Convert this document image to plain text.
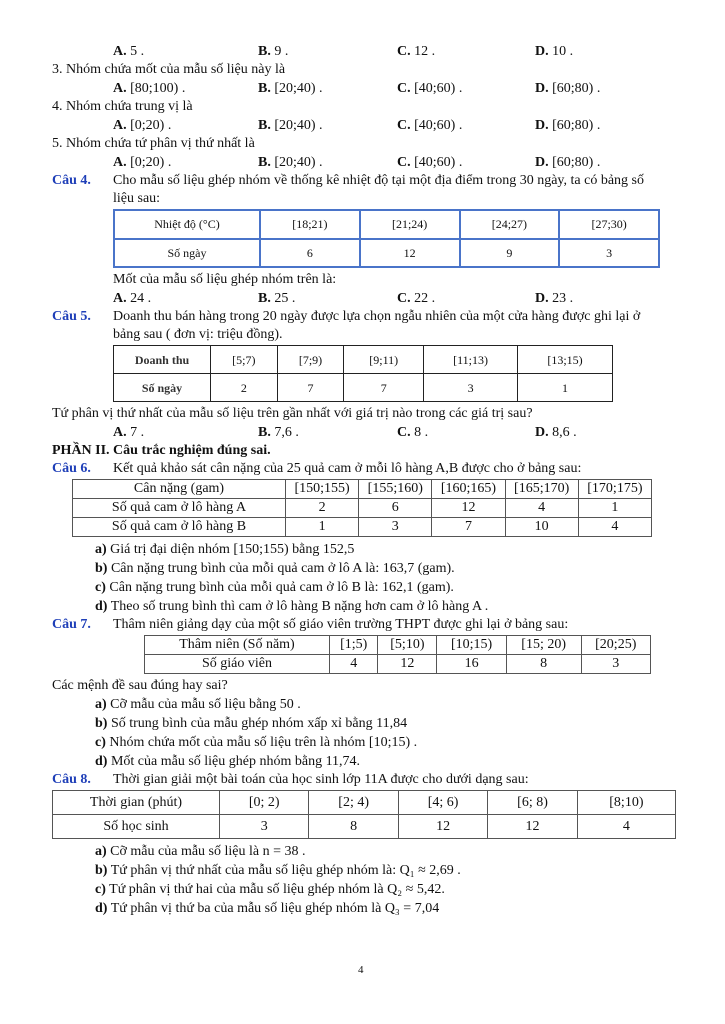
A. 5 .	B. 9 .	C. 12 .	D. 10 .
3. Nhóm chứa mốt của mẫu số liệu này là
A. [80;100) .	B. [20;40) .	C. [40;60) .	D. [60;80) .
4. Nhóm chứa trung vị là
A. [0;20) .	B. [20;40) .	C. [40;60) .	D. [60;80) .
5. Nhóm chứa tứ phân vị thứ nhất là
A. [0;20) .	B. [20;40) .	C. [40;60) .	D. [60;80) .
Câu 4.	Cho mẫu số liệu ghép nhóm về thống kê nhiệt độ tại một địa điểm trong 30 ngày, ta có bảng số
liệu sau:
Nhiệt độ (°C)	[18;21)	[21;24)	[24;27)	[27;30)
Số ngày	6	12	9	3
Mốt của mẫu số liệu ghép nhóm trên là:
A. 24 .	B. 25 .	C. 22 .	D. 23 .
Câu 5.	Doanh thu bán hàng trong 20 ngày được lựa chọn ngẫu nhiên của một cửa hàng được ghi lại ở
bảng sau ( đơn vị: triệu đồng).
Doanh thu	[5;7)	[7;9)	[9;11)	[11;13)	[13;15)
Số ngày	2	7	7	3	1
Tứ phân vị thứ nhất của mẫu số liệu trên gần nhất với giá trị nào trong các giá trị sau?
A. 7 .	B. 7,6 .	C. 8 .	D. 8,6 .
PHẦN II. Câu trắc nghiệm đúng sai.
Câu 6.	Kết quả khảo sát cân nặng của 25 quả cam ở mỗi lô hàng A,B được cho ở bảng sau:
Cân nặng (gam)	[150;155)	[155;160)	[160;165)	[165;170)	[170;175)
Số quả cam ở lô hàng A	2	6	12	4	1
Số quả cam ở lô hàng B	1	3	7	10	4
a) Giá trị đại diện nhóm [150;155) bằng 152,5
b) Cân nặng trung bình của mỗi quả cam ở lô A là: 163,7 (gam).
c) Cân nặng trung bình của mỗi quả cam ở lô B là: 162,1 (gam).
d) Theo số trung bình thì cam ở lô hàng B nặng hơn cam ở lô hàng A .
Câu 7.	Thâm niên giảng dạy của một số giáo viên trường THPT được ghi lại ở bảng sau:
Thâm niên (Số năm)	[1;5)	[5;10)	[10;15)	[15; 20)	[20;25)
Số giáo viên	4	12	16	8	3
Các mệnh đề sau đúng hay sai?
a) Cỡ mẫu của mẫu số liệu bằng 50 .
b) Số trung bình của mẫu ghép nhóm xấp xỉ bằng 11,84
c) Nhóm chứa mốt của mẫu số liệu trên là nhóm [10;15) .
d) Mốt của mẫu số liệu ghép nhóm bằng 11,74.
Câu 8.	Thời gian giải một bài toán của học sinh lớp 11A được cho dưới dạng sau:
Thời gian (phút)	[0; 2)	[2; 4)	[4; 6)	[6; 8)	[8;10)
Số học sinh	3	8	12	12	4
a) Cỡ mẫu của mẫu số liệu là n = 38 .
b) Tứ phân vị thứ nhất của mẫu số liệu ghép nhóm là: Q₁ ≈ 2,69 .
c) Tứ phân vị thứ hai của mẫu số liệu ghép nhóm là Q₂ ≈ 5,42.
d) Tứ phân vị thứ ba của mẫu số liệu ghép nhóm là Q₃ = 7,04
4
